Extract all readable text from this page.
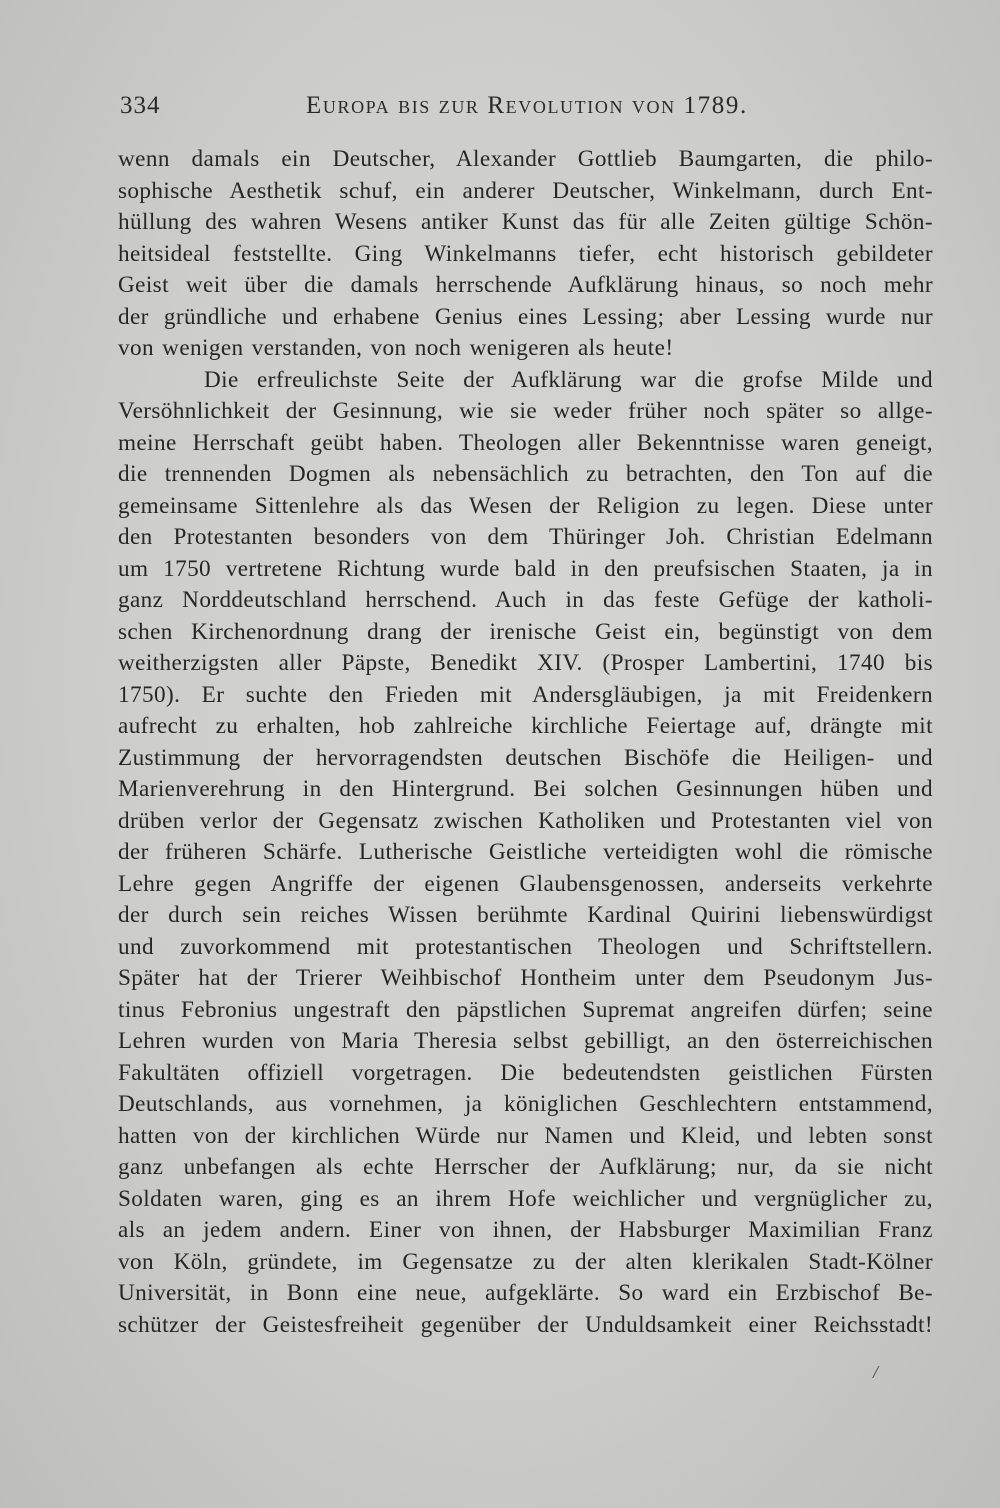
334	Europa bis zur Revolution von 1789.
wenn damals ein Deutscher, Alexander Gottlieb Baumgarten, die philo-
sophische Aesthetik schuf, ein anderer Deutscher, Winkelmann, durch Ent-
hüllung des wahren Wesens antiker Kunst das für alle Zeiten gültige Schön-
heitsideal feststellte. Ging Winkelmanns tiefer, echt historisch gebildeter
Geist weit über die damals herrschende Aufklärung hinaus, so noch mehr
der gründliche und erhabene Genius eines Lessing; aber Lessing wurde nur
von wenigen verstanden, von noch wenigeren als heute!
Die erfreulichste Seite der Aufklärung war die grofse Milde und
Versöhnlichkeit der Gesinnung, wie sie weder früher noch später so allge-
meine Herrschaft geübt haben. Theologen aller Bekenntnisse waren geneigt,
die trennenden Dogmen als nebensächlich zu betrachten, den Ton auf die
gemeinsame Sittenlehre als das Wesen der Religion zu legen. Diese unter
den Protestanten besonders von dem Thüringer Joh. Christian Edelmann
um 1750 vertretene Richtung wurde bald in den preufsischen Staaten, ja in
ganz Norddeutschland herrschend. Auch in das feste Gefüge der katholi-
schen Kirchenordnung drang der irenische Geist ein, begünstigt von dem
weitherzigsten aller Päpste, Benedikt XIV. (Prosper Lambertini, 1740 bis
1750). Er suchte den Frieden mit Andersgläubigen, ja mit Freidenkern
aufrecht zu erhalten, hob zahlreiche kirchliche Feiertage auf, drängte mit
Zustimmung der hervorragendsten deutschen Bischöfe die Heiligen- und
Marienverehrung in den Hintergrund. Bei solchen Gesinnungen hüben und
drüben verlor der Gegensatz zwischen Katholiken und Protestanten viel von
der früheren Schärfe. Lutherische Geistliche verteidigten wohl die römische
Lehre gegen Angriffe der eigenen Glaubensgenossen, anderseits verkehrte
der durch sein reiches Wissen berühmte Kardinal Quirini liebenswürdigst
und zuvorkommend mit protestantischen Theologen und Schriftstellern.
Später hat der Trierer Weihbischof Hontheim unter dem Pseudonym Jus-
tinus Febronius ungestraft den päpstlichen Supremat angreifen dürfen; seine
Lehren wurden von Maria Theresia selbst gebilligt, an den österreichischen
Fakultäten offiziell vorgetragen. Die bedeutendsten geistlichen Fürsten
Deutschlands, aus vornehmen, ja königlichen Geschlechtern entstammend,
hatten von der kirchlichen Würde nur Namen und Kleid, und lebten sonst
ganz unbefangen als echte Herrscher der Aufklärung; nur, da sie nicht
Soldaten waren, ging es an ihrem Hofe weichlicher und vergnüglicher zu,
als an jedem andern. Einer von ihnen, der Habsburger Maximilian Franz
von Köln, gründete, im Gegensatze zu der alten klerikalen Stadt-Kölner
Universität, in Bonn eine neue, aufgeklärte. So ward ein Erzbischof Be-
schützer der Geistesfreiheit gegenüber der Unduldsamkeit einer Reichsstadt!
/
